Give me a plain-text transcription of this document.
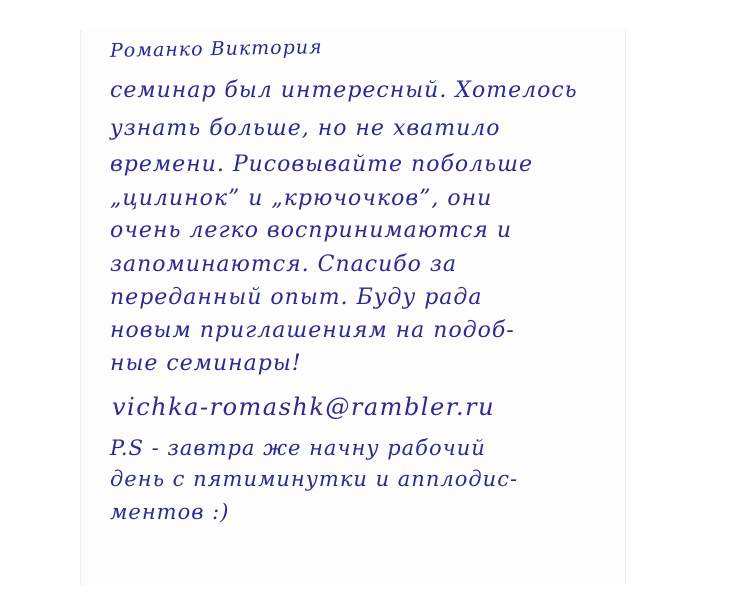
Романко Виктория
семинар был интересный. Хотелось
узнать больше, но не хватило
времени. Рисовывайте побольше
„цилинок” и „крючочков”, они
очень легко воспринимаются и
запоминаются. Спасибо за
переданный опыт. Буду рада
новым приглашениям на подоб-
ные семинары!
vichka-romashk@rambler.ru
P.S - завтра же начну рабочий
день с пятиминутки и апплодис-
ментов :)
